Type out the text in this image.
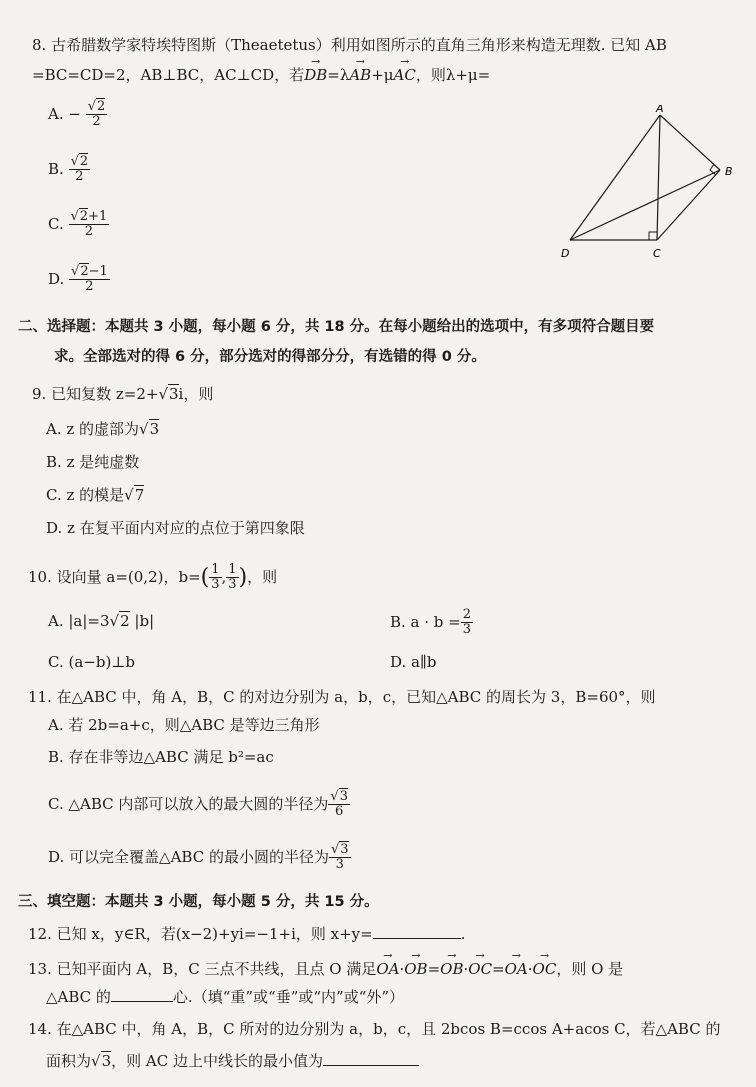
8. 古希腊数学家特埃特图斯（Theaetetus）利用如图所示的直角三角形来构造无理数. 已知 AB
=BC=CD=2，AB⊥BC，AC⊥CD，若→ DB=λ→ AB+μ→ AC，则λ+μ=
A. − √ $\frac{2}{2}$
B. √ $\frac{2}{2}$
C. √ $\frac{2+1}{2}$
D. √ $\frac{2-1}{2}$
A
B
C
D
二、选择题：本题共 3 小题，每小题 6 分，共 18 分。在每小题给出的选项中，有多项符合题目要
求。全部选对的得 6 分，部分选对的得部分分，有选错的得 0 分。
9. 已知复数 z=2+ √ 3i，则
A. z 的虚部为 √ 3
B. z 是纯虚数
C. z 的模是 √ 7
D. z 在复平面内对应的点位于第四象限
10. 设向量 a=(0,2)，$b=( \frac{1}{3}$ , $\frac{1}{3}$ )，则
A. |a|=3 √ 2 |b|	B. $a \cdot b = \frac{2}{3}$
C. (a−b)⊥b	D. a∥b
11. 在△ABC 中，角 A，B，C 的对边分别为 a，b，c，已知△ABC 的周长为 3，B=60°，则
A. 若 2b=a+c，则△ABC 是等边三角形
B. 存在非等边△ABC 满足 b²=ac
C. △ABC 内部可以放入的最大圆的半径为 √ $\frac{3}{6}$
D. 可以完全覆盖△ABC 的最小圆的半径为 √ $\frac{3}{3}$
三、填空题：本题共 3 小题，每小题 5 分，共 15 分。
12. 已知 x，y∈R，若(x−2)+yi=−1+i，则 x+y=	.
13. 已知平面内 A，B，C 三点不共线，且点 O 满足→ OA·→ OB=→ OB·→ OC=→ OA·→ OC，则 O 是
△ABC 的	心.（填“重”或“垂”或“内”或“外”）
14. 在△ABC 中，角 A，B，C 所对的边分别为 a，b，c，且 2bcos B=ccos A+acos C，若△ABC 的
面积为 √ 3，则 AC 边上中线长的最小值为
